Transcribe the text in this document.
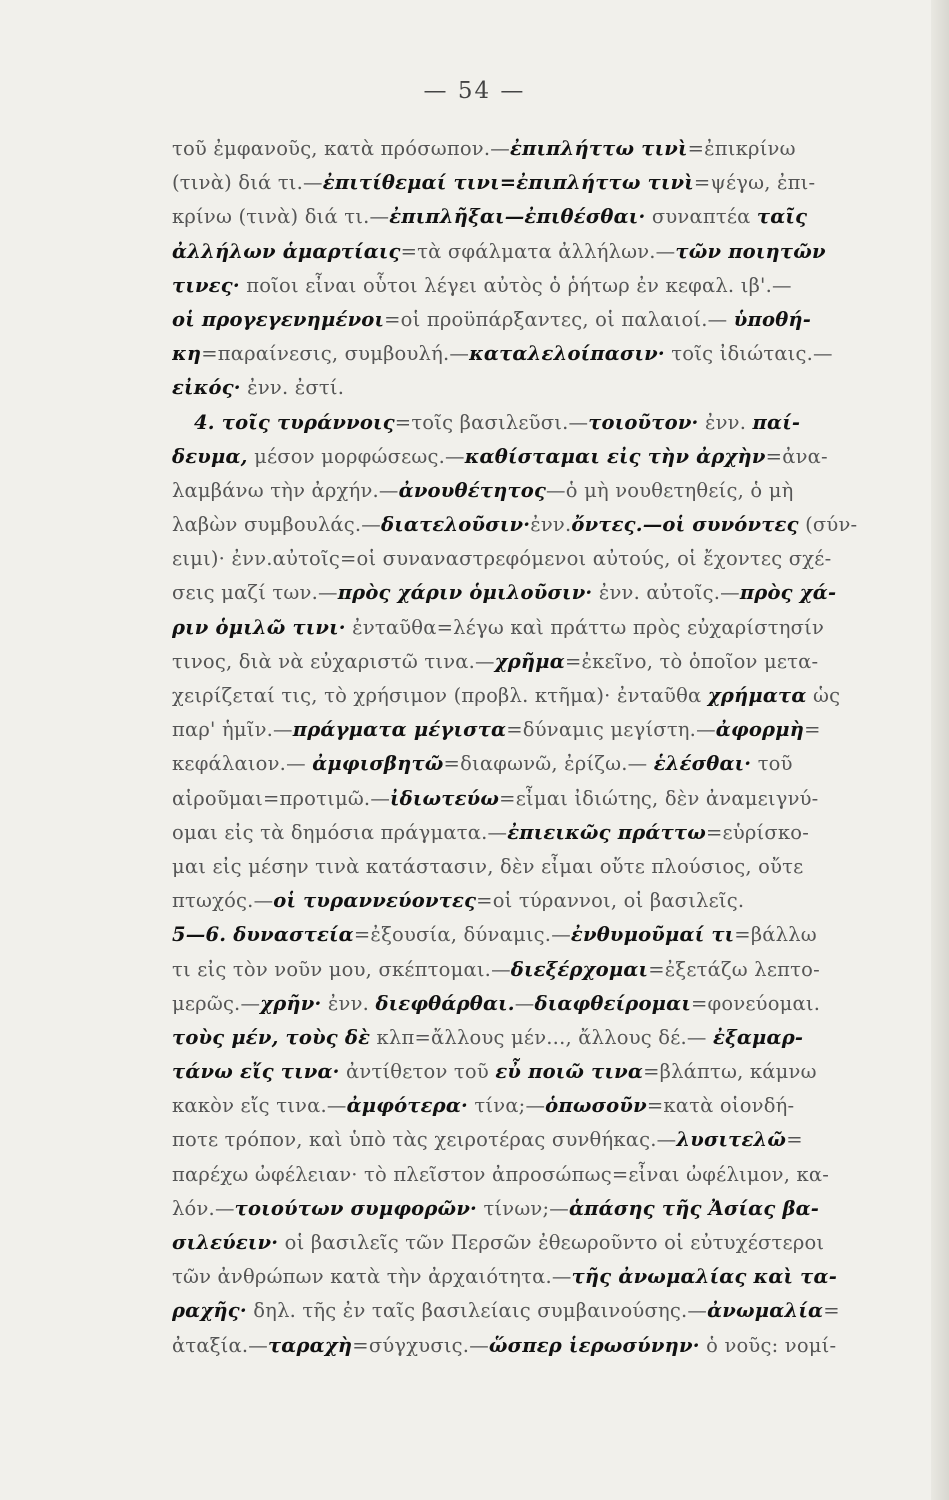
— 54 —
τοῦ ἐμφανοῦς, κατὰ πρόσωπον.—ἐπιπλήττω τινὶ=ἐπικρίνω
(τινὰ) διά τι.—ἐπιτίθεμαί τινι=ἐπιπλήττω τινὶ=ψέγω, ἐπι-
κρίνω (τινὰ) διά τι.—ἐπιπλῆξαι—ἐπιθέσθαι· συναπτέα ταῖς
ἀλλήλων ἁμαρτίαις=τὰ σφάλματα ἀλλήλων.—τῶν ποιητῶν
τινες· ποῖοι εἶναι οὗτοι λέγει αὐτὸς ὁ ῥήτωρ ἐν κεφαλ. ιβ'.—
οἱ προγεγενημένοι=οἱ προϋπάρξαντες, οἱ παλαιοί.— ὑποθή-
κη=παραίνεσις, συμβουλή.—καταλελοίπασιν· τοῖς ἰδιώταις.—
εἰκός· ἐνν. ἐστί.
4. τοῖς τυράννοις=τοῖς βασιλεῦσι.—τοιοῦτον· ἐνν. παί-
δευμα, μέσον μορφώσεως.—καθίσταμαι εἰς τὴν ἀρχὴν=ἀνα-
λαμβάνω τὴν ἀρχήν.—ἀνουθέτητος—ὁ μὴ νουθετηθείς, ὁ μὴ
λαβὼν συμβουλάς.—διατελοῦσιν·ἐνν.ὄντες.—οἱ συνόντες (σύν-
ειμι)· ἐνν.αὐτοῖς=οἱ συναναστρεφόμενοι αὐτούς, οἱ ἔχοντες σχέ-
σεις μαζί των.—πρὸς χάριν ὁμιλοῦσιν· ἐνν. αὐτοῖς.—πρὸς χά-
ριν ὁμιλῶ τινι· ἐνταῦθα=λέγω καὶ πράττω πρὸς εὐχαρίστησίν
τινος, διὰ νὰ εὐχαριστῶ τινα.—χρῆμα=ἐκεῖνο, τὸ ὁποῖον μετα-
χειρίζεταί τις, τὸ χρήσιμον (προβλ. κτῆμα)· ἐνταῦθα χρήματα ὡς
παρ' ἡμῖν.—πράγματα μέγιστα=δύναμις μεγίστη.—ἀφορμὴ=
κεφάλαιον.— ἀμφισβητῶ=διαφωνῶ, ἐρίζω.— ἑλέσθαι· τοῦ
αἱροῦμαι=προτιμῶ.—ἰδιωτεύω=εἶμαι ἰδιώτης, δὲν ἀναμειγνύ-
ομαι εἰς τὰ δημόσια πράγματα.—ἐπιεικῶς πράττω=εὑρίσκο-
μαι εἰς μέσην τινὰ κατάστασιν, δὲν εἶμαι οὔτε πλούσιος, οὔτε
πτωχός.—οἱ τυραννεύοντες=οἱ τύραννοι, οἱ βασιλεῖς.
5—6. δυναστεία=ἐξουσία, δύναμις.—ἐνθυμοῦμαί τι=βάλλω
τι εἰς τὸν νοῦν μου, σκέπτομαι.—διεξέρχομαι=ἐξετάζω λεπτο-
μερῶς.—χρῆν· ἐνν. διεφθάρθαι.—διαφθείρομαι=φονεύομαι.
τοὺς μέν, τοὺς δὲ κλπ=ἄλλους μέν..., ἄλλους δέ.— ἐξαμαρ-
τάνω εἴς τινα· ἀντίθετον τοῦ εὖ ποιῶ τινα=βλάπτω, κάμνω
κακὸν εἴς τινα.—ἀμφότερα· τίνα;—ὁπωσοῦν=κατὰ οἱονδή-
ποτε τρόπον, καὶ ὑπὸ τὰς χειροτέρας συνθήκας.—λυσιτελῶ=
παρέχω ὠφέλειαν· τὸ πλεῖστον ἀπροσώπως=εἶναι ὠφέλιμον, κα-
λόν.—τοιούτων συμφορῶν· τίνων;—ἁπάσης τῆς Ἀσίας βα-
σιλεύειν· οἱ βασιλεῖς τῶν Περσῶν ἐθεωροῦντο οἱ εὐτυχέστεροι
τῶν ἀνθρώπων κατὰ τὴν ἀρχαιότητα.—τῆς ἀνωμαλίας καὶ τα-
ραχῆς· δηλ. τῆς ἐν ταῖς βασιλείαις συμβαινούσης.—ἀνωμαλία=
ἀταξία.—ταραχὴ=σύγχυσις.—ὥσπερ ἱερωσύνην· ὁ νοῦς: νομί-
